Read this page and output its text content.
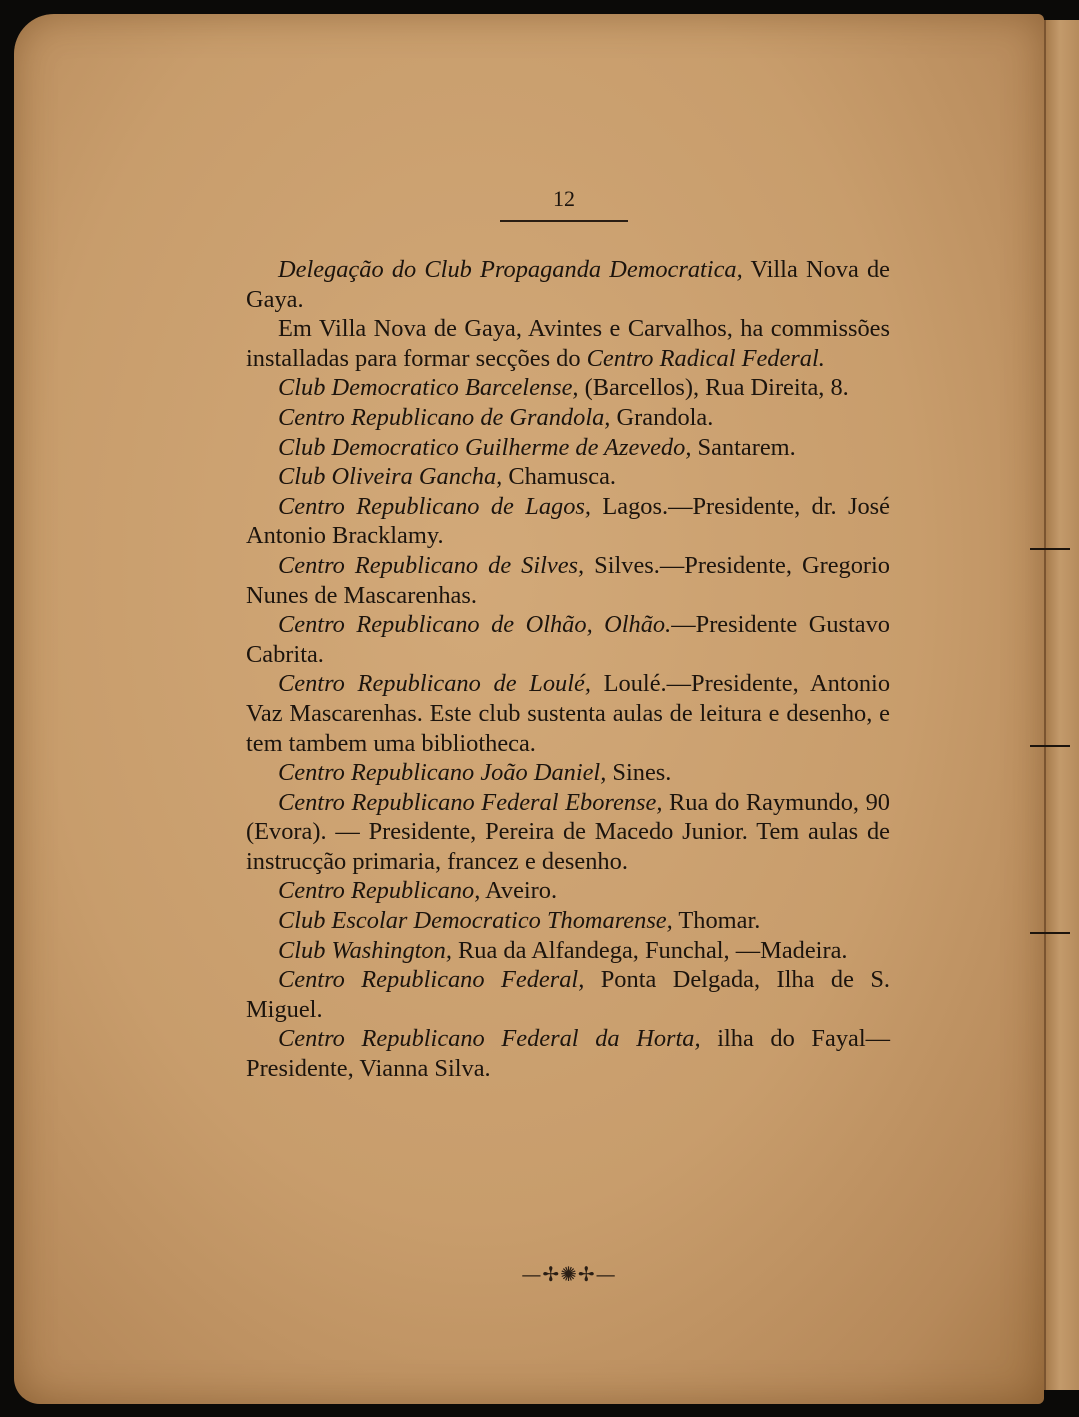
12

Delegação do Club Propaganda Democratica, Villa Nova de Gaya.

Em Villa Nova de Gaya, Avintes e Carvalhos, ha commissões installadas para formar secções do Centro Radical Federal.

Club Democratico Barcelense, (Barcellos), Rua Direita, 8.

Centro Republicano de Grandola, Grandola.

Club Democratico Guilherme de Azevedo, Santarem.

Club Oliveira Gancha, Chamusca.

Centro Republicano de Lagos, Lagos.—Presidente, dr. José Antonio Bracklamy.

Centro Republicano de Silves, Silves.—Presidente, Gregorio Nunes de Mascarenhas.

Centro Republicano de Olhão, Olhão.—Presidente Gustavo Cabrita.

Centro Republicano de Loulé, Loulé.—Presidente, Antonio Vaz Mascarenhas. Este club sustenta aulas de leitura e desenho, e tem tambem uma bibliotheca.

Centro Republicano João Daniel, Sines.

Centro Republicano Federal Eborense, Rua do Raymundo, 90 (Evora). — Presidente, Pereira de Macedo Junior. Tem aulas de instrucção primaria, francez e desenho.

Centro Republicano, Aveiro.

Club Escolar Democratico Thomarense, Thomar.

Club Washington, Rua da Alfandega, Funchal, —Madeira.

Centro Republicano Federal, Ponta Delgada, Ilha de S. Miguel.

Centro Republicano Federal da Horta, ilha do Fayal—Presidente, Vianna Silva.

—✢✺✢—
